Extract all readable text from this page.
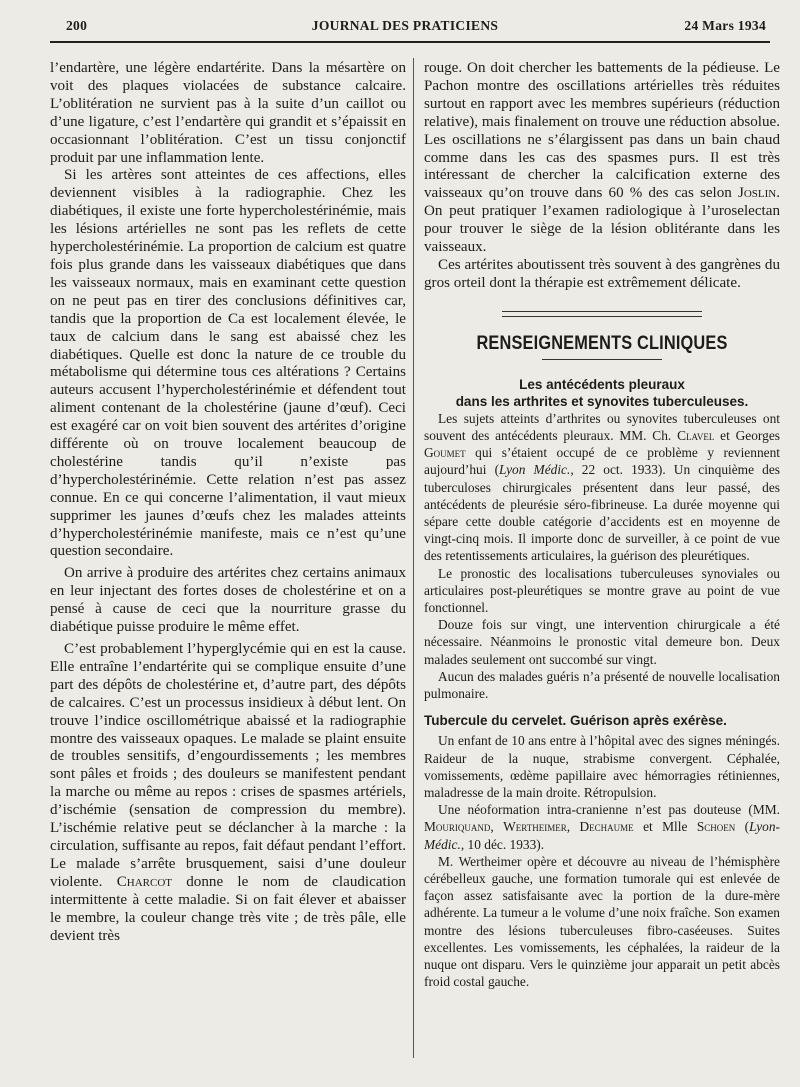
200	JOURNAL DES PRATICIENS	24 Mars 1934

l’endartère, une légère endartérite. Dans la mésartère on voit des plaques violacées de substance calcaire. L’oblitération ne survient pas à la suite d’un caillot ou d’une ligature, c’est l’endartère qui grandit et s’épaissit en occasionnant l’oblitération. C’est un tissu conjonctif produit par une inflammation lente.

Si les artères sont atteintes de ces affections, elles deviennent visibles à la radiographie. Chez les diabétiques, il existe une forte hypercholestérinémie, mais les lésions artérielles ne sont pas les reflets de cette hypercholestérinémie. La proportion de calcium est quatre fois plus grande dans les vaisseaux diabétiques que dans les vaisseaux normaux, mais en examinant cette question on ne peut pas en tirer des conclusions définitives car, tandis que la proportion de Ca est localement élevée, le taux de calcium dans le sang est abaissé chez les diabétiques. Quelle est donc la nature de ce trouble du métabolisme qui détermine tous ces altérations ? Certains auteurs accusent l’hypercholestérinémie et défendent tout aliment contenant de la cholestérine (jaune d’œuf). Ceci est exagéré car on voit bien souvent des artérites d’origine différente où on trouve localement beaucoup de cholestérine tandis qu’il n’existe pas d’hypercholestérinémie. Cette relation n’est pas assez connue. En ce qui concerne l’alimentation, il vaut mieux supprimer les jaunes d’œufs chez les malades atteints d’hypercholestérinémie manifeste, mais ce n’est qu’une question secondaire.

On arrive à produire des artérites chez certains animaux en leur injectant des fortes doses de cholestérine et on a pensé à cause de ceci que la nourriture grasse du diabétique puisse produire le même effet.

C’est probablement l’hyperglycémie qui en est la cause. Elle entraîne l’endartérite qui se complique ensuite d’une part des dépôts de cholestérine et, d’autre part, des dépôts de calcaires. C’est un processus insidieux à début lent. On trouve l’indice oscillométrique abaissé et la radiographie montre des vaisseaux opaques. Le malade se plaint ensuite de troubles sensitifs, d’engourdissements ; les membres sont pâles et froids ; des douleurs se manifestent pendant la marche ou même au repos : crises de spasmes artériels, d’ischémie (sensation de compression du membre). L’ischémie relative peut se déclancher à la marche : la circulation, suffisante au repos, fait défaut pendant l’effort. Le malade s’arrête brusquement, saisi d’une douleur violente. Charcot donne le nom de claudication intermittente à cette maladie. Si on fait élever et abaisser le membre, la couleur change très vite ; de très pâle, elle devient très

rouge. On doit chercher les battements de la pédieuse. Le Pachon montre des oscillations artérielles très réduites surtout en rapport avec les membres supérieurs (réduction relative), mais finalement on trouve une réduction absolue. Les oscillations ne s’élargissent pas dans un bain chaud comme dans les cas des spasmes purs. Il est très intéressant de chercher la calcification externe des vaisseaux qu’on trouve dans 60 % des cas selon Joslin. On peut pratiquer l’examen radiologique à l’uroselectan pour trouver le siège de la lésion oblitérante dans les vaisseaux.

Ces artérites aboutissent très souvent à des gangrènes du gros orteil dont la thérapie est extrêmement délicate.

RENSEIGNEMENTS CLINIQUES
Les antécédents pleuraux
dans les arthrites et synovites tuberculeuses.

Les sujets atteints d’arthrites ou synovites tuberculeuses ont souvent des antécédents pleuraux. MM. Ch. Clavel et Georges Goumet qui s’étaient occupé de ce problème y reviennent aujourd’hui (Lyon Médic., 22 oct. 1933). Un cinquième des tuberculoses chirurgicales présentent dans leur passé, des antécédents de pleurésie séro-fibrineuse. La durée moyenne qui sépare cette double catégorie d’accidents est en moyenne de vingt-cinq mois. Il importe donc de surveiller, à ce point de vue des retentissements articulaires, la guérison des pleurétiques.

Le pronostic des localisations tuberculeuses synoviales ou articulaires post-pleurétiques se montre grave au point de vue fonctionnel.

Douze fois sur vingt, une intervention chirurgicale a été nécessaire. Néanmoins le pronostic vital demeure bon. Deux malades seulement ont succombé sur vingt.

Aucun des malades guéris n’a présenté de nouvelle localisation pulmonaire.

Tubercule du cervelet. Guérison après exérèse.

Un enfant de 10 ans entre à l’hôpital avec des signes méningés. Raideur de la nuque, strabisme convergent. Céphalée, vomissements, œdème papillaire avec hémorragies rétiniennes, maladresse de la main droite. Rétropulsion.

Une néoformation intra-cranienne n’est pas douteuse (MM. Mouriquand, Wertheimer, Dechaume et Mlle Schoen (Lyon-Médic., 10 déc. 1933).

M. Wertheimer opère et découvre au niveau de l’hémisphère cérébelleux gauche, une formation tumorale qui est enlevée de façon assez satisfaisante avec la portion de la dure-mère adhérente. La tumeur a le volume d’une noix fraîche. Son examen montre des lésions tuberculeuses fibro-caséeuses. Suites excellentes. Les vomissements, les céphalées, la raideur de la nuque ont disparu. Vers le quinzième jour apparait un petit abcès froid costal gauche.
